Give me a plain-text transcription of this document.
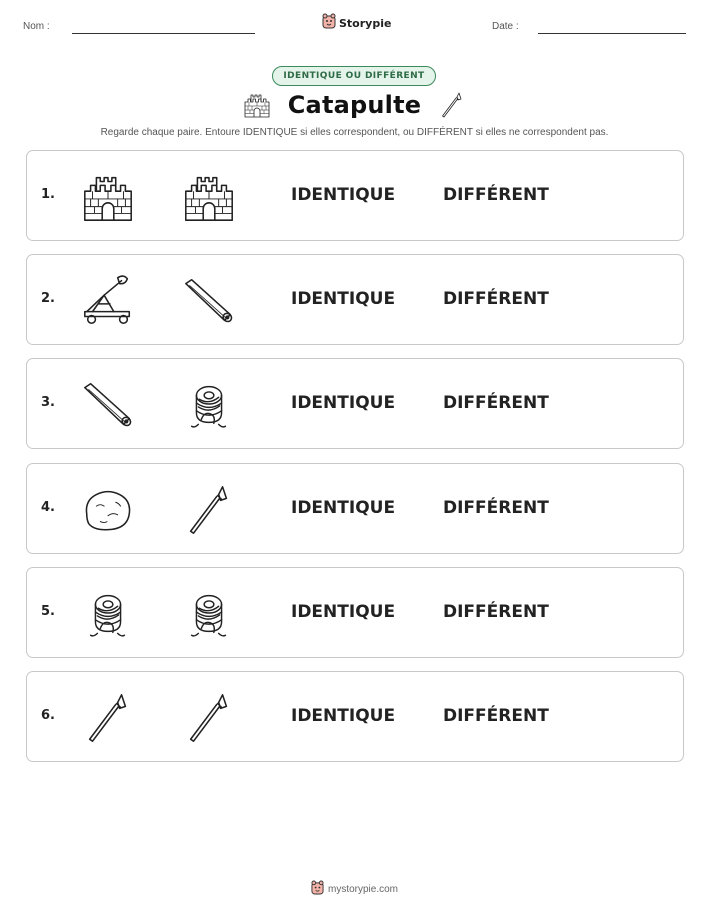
Nom :	Storypie	Date :
IDENTIQUE OU DIFFÉRENT
Catapulte
Regarde chaque paire. Entoure IDENTIQUE si elles correspondent, ou DIFFÉRENT si elles ne correspondent pas.
1.	IDENTIQUE	DIFFÉRENT
2.	IDENTIQUE	DIFFÉRENT
3.	IDENTIQUE	DIFFÉRENT
4.	IDENTIQUE	DIFFÉRENT
5.	IDENTIQUE	DIFFÉRENT
6.	IDENTIQUE	DIFFÉRENT
mystorypie.com
